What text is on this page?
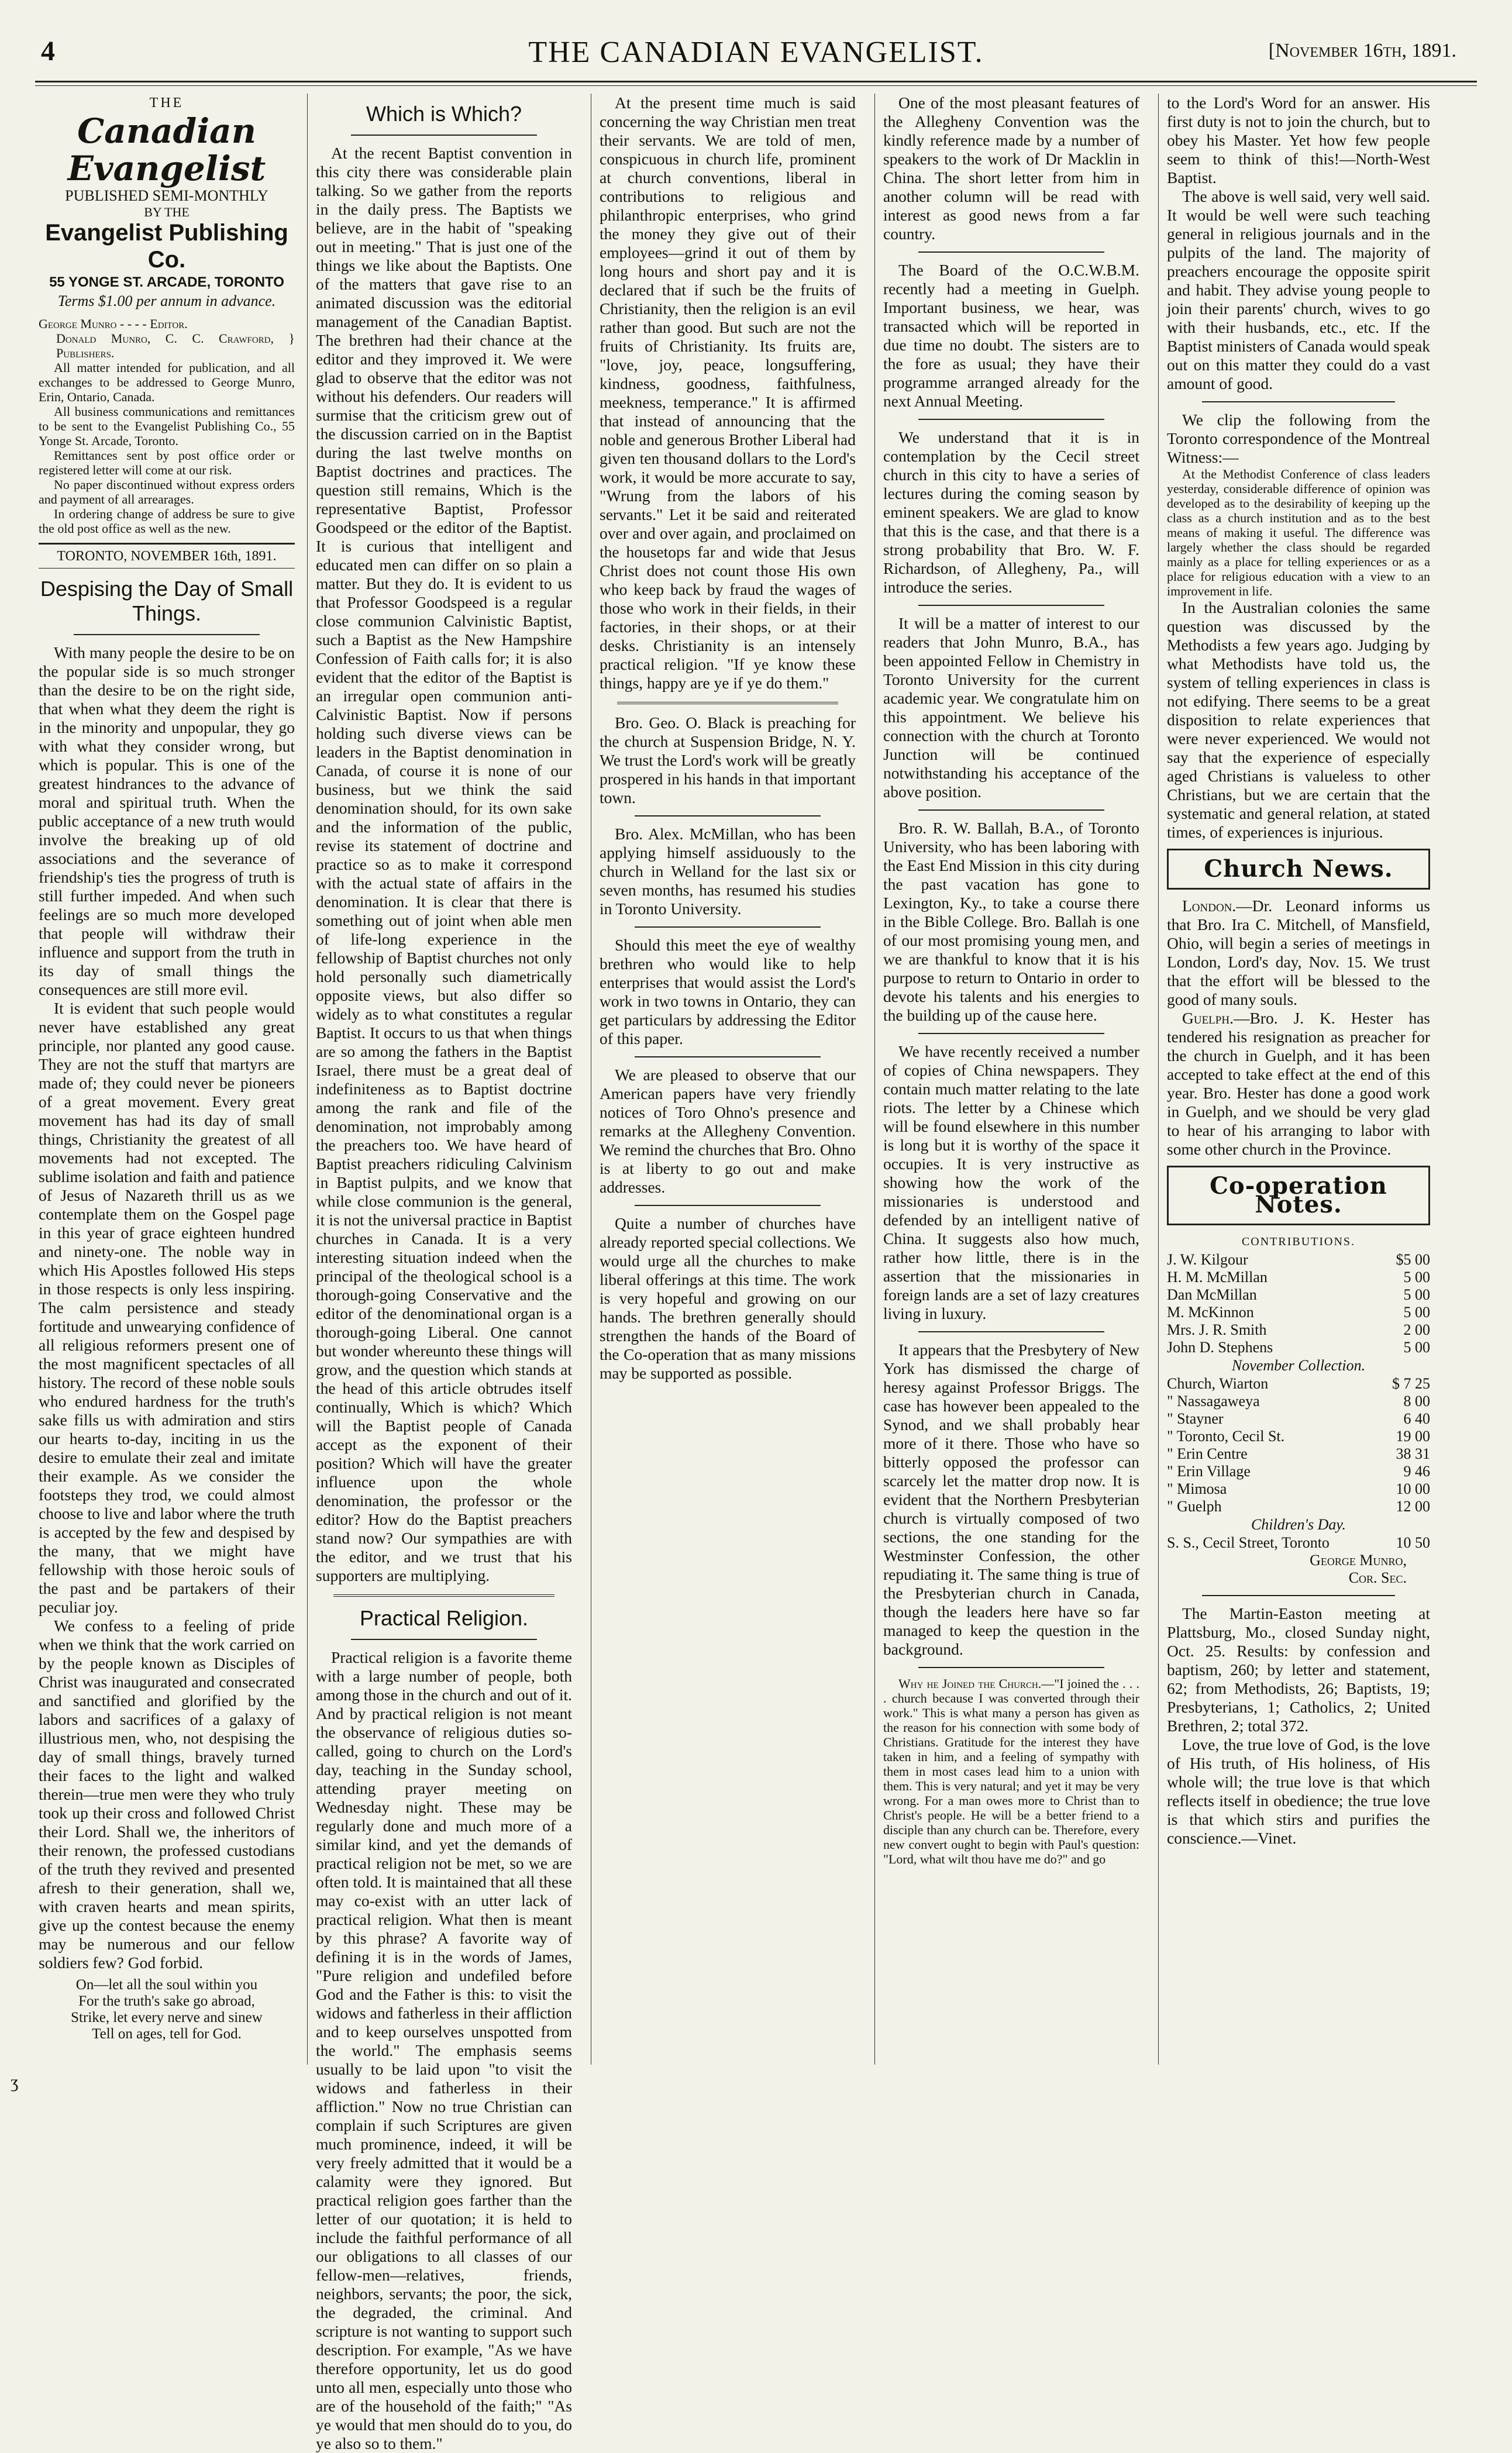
4	THE CANADIAN EVANGELIST.	[November 16th, 1891.
THE
Canadian Evangelist
PUBLISHED SEMI-MONTHLY
BY THE
Evangelist Publishing Co.
55 YONGE ST. ARCADE, TORONTO
Terms $1.00 per annum in advance.
George Munro - - - - Editor.
Donald Munro, C. C. Crawford, } Publishers.

All matter intended for publication, and all exchanges to be addressed to George Munro, Erin, Ontario, Canada.

All business communications and remittances to be sent to the Evangelist Publishing Co., 55 Yonge St. Arcade, Toronto.

Remittances sent by post office order or registered letter will come at our risk.

No paper discontinued without express orders and payment of all arrearages.

In ordering change of address be sure to give the old post office as well as the new.

TORONTO, NOVEMBER 16th, 1891.
Despising the Day of Small Things.

With many people the desire to be on the popular side is so much stronger than the desire to be on the right side, that when what they deem the right is in the minority and unpopular, they go with what they consider wrong, but which is popular. This is one of the greatest hindrances to the advance of moral and spiritual truth. When the public acceptance of a new truth would involve the breaking up of old associations and the severance of friendship's ties the progress of truth is still further impeded. And when such feelings are so much more developed that people will withdraw their influence and support from the truth in its day of small things the consequences are still more evil.

It is evident that such people would never have established any great principle, nor planted any good cause. They are not the stuff that martyrs are made of; they could never be pioneers of a great movement. Every great movement has had its day of small things, Christianity the greatest of all movements had not excepted. The sublime isolation and faith and patience of Jesus of Nazareth thrill us as we contemplate them on the Gospel page in this year of grace eighteen hundred and ninety-one. The noble way in which His Apostles followed His steps in those respects is only less inspiring. The calm persistence and steady fortitude and unwearying confidence of all religious reformers present one of the most magnificent spectacles of all history. The record of these noble souls who endured hardness for the truth's sake fills us with admiration and stirs our hearts to-day, inciting in us the desire to emulate their zeal and imitate their example. As we consider the footsteps they trod, we could almost choose to live and labor where the truth is accepted by the few and despised by the many, that we might have fellowship with those heroic souls of the past and be partakers of their peculiar joy.

We confess to a feeling of pride when we think that the work carried on by the people known as Disciples of Christ was inaugurated and consecrated and sanctified and glorified by the labors and sacrifices of a galaxy of illustrious men, who, not despising the day of small things, bravely turned their faces to the light and walked therein—true men were they who truly took up their cross and followed Christ their Lord. Shall we, the inheritors of their renown, the professed custodians of the truth they revived and presented afresh to their generation, shall we, with craven hearts and mean spirits, give up the contest because the enemy may be numerous and our fellow soldiers few? God forbid.

On—let all the soul within you
For the truth's sake go abroad,
Strike, let every nerve and sinew
Tell on ages, tell for God.
Which is Which?

At the recent Baptist convention in this city there was considerable plain talking. So we gather from the reports in the daily press. The Baptists we believe, are in the habit of "speaking out in meeting." That is just one of the things we like about the Baptists. One of the matters that gave rise to an animated discussion was the editorial management of the Canadian Baptist. The brethren had their chance at the editor and they improved it. We were glad to observe that the editor was not without his defenders. Our readers will surmise that the criticism grew out of the discussion carried on in the Baptist during the last twelve months on Baptist doctrines and practices. The question still remains, Which is the representative Baptist, Professor Goodspeed or the editor of the Baptist. It is curious that intelligent and educated men can differ on so plain a matter. But they do. It is evident to us that Professor Goodspeed is a regular close communion Calvinistic Baptist, such a Baptist as the New Hampshire Confession of Faith calls for; it is also evident that the editor of the Baptist is an irregular open communion anti-Calvinistic Baptist. Now if persons holding such diverse views can be leaders in the Baptist denomination in Canada, of course it is none of our business, but we think the said denomination should, for its own sake and the information of the public, revise its statement of doctrine and practice so as to make it correspond with the actual state of affairs in the denomination. It is clear that there is something out of joint when able men of life-long experience in the fellowship of Baptist churches not only hold personally such diametrically opposite views, but also differ so widely as to what constitutes a regular Baptist. It occurs to us that when things are so among the fathers in the Baptist Israel, there must be a great deal of indefiniteness as to Baptist doctrine among the rank and file of the denomination, not improbably among the preachers too. We have heard of Baptist preachers ridiculing Calvinism in Baptist pulpits, and we know that while close communion is the general, it is not the universal practice in Baptist churches in Canada. It is a very interesting situation indeed when the principal of the theological school is a thorough-going Conservative and the editor of the denominational organ is a thorough-going Liberal. One cannot but wonder whereunto these things will grow, and the question which stands at the head of this article obtrudes itself continually, Which is which? Which will the Baptist people of Canada accept as the exponent of their position? Which will have the greater influence upon the whole denomination, the professor or the editor? How do the Baptist preachers stand now? Our sympathies are with the editor, and we trust that his supporters are multiplying.

Practical Religion.

Practical religion is a favorite theme with a large number of people, both among those in the church and out of it. And by practical religion is not meant the observance of religious duties so-called, going to church on the Lord's day, teaching in the Sunday school, attending prayer meeting on Wednesday night. These may be regularly done and much more of a similar kind, and yet the demands of practical religion not be met, so we are often told. It is maintained that all these may co-exist with an utter lack of practical religion. What then is meant by this phrase? A favorite way of defining it is in the words of James, "Pure religion and undefiled before God and the Father is this: to visit the widows and fatherless in their affliction and to keep ourselves unspotted from the world." The emphasis seems usually to be laid upon "to visit the widows and fatherless in their affliction." Now no true Christian can complain if such Scriptures are given much prominence, indeed, it will be very freely admitted that it would be a calamity were they ignored. But practical religion goes farther than the letter of our quotation; it is held to include the faithful performance of all our obligations to all classes of our fellow-men—relatives, friends, neighbors, servants; the poor, the sick, the degraded, the criminal. And scripture is not wanting to support such description. For example, "As we have therefore opportunity, let us do good unto all men, especially unto those who are of the household of the faith;" "As ye would that men should do to you, do ye also so to them."

At the present time much is said concerning the way Christian men treat their servants. We are told of men, conspicuous in church life, prominent at church conventions, liberal in contributions to religious and philanthropic enterprises, who grind the money they give out of their employees—grind it out of them by long hours and short pay and it is declared that if such be the fruits of Christianity, then the religion is an evil rather than good. But such are not the fruits of Christianity. Its fruits are, "love, joy, peace, longsuffering, kindness, goodness, faithfulness, meekness, temperance." It is affirmed that instead of announcing that the noble and generous Brother Liberal had given ten thousand dollars to the Lord's work, it would be more accurate to say, "Wrung from the labors of his servants." Let it be said and reiterated over and over again, and proclaimed on the housetops far and wide that Jesus Christ does not count those His own who keep back by fraud the wages of those who work in their fields, in their factories, in their shops, or at their desks. Christianity is an intensely practical religion. "If ye know these things, happy are ye if ye do them."

Bro. Geo. O. Black is preaching for the church at Suspension Bridge, N. Y. We trust the Lord's work will be greatly prospered in his hands in that important town.

Bro. Alex. McMillan, who has been applying himself assiduously to the church in Welland for the last six or seven months, has resumed his studies in Toronto University.

Should this meet the eye of wealthy brethren who would like to help enterprises that would assist the Lord's work in two towns in Ontario, they can get particulars by addressing the Editor of this paper.

We are pleased to observe that our American papers have very friendly notices of Toro Ohno's presence and remarks at the Allegheny Convention. We remind the churches that Bro. Ohno is at liberty to go out and make addresses.

Quite a number of churches have already reported special collections. We would urge all the churches to make liberal offerings at this time. The work is very hopeful and growing on our hands. The brethren generally should strengthen the hands of the Board of the Co-operation that as many missions may be supported as possible.

One of the most pleasant features of the Allegheny Convention was the kindly reference made by a number of speakers to the work of Dr Macklin in China. The short letter from him in another column will be read with interest as good news from a far country.

The Board of the O.C.W.B.M. recently had a meeting in Guelph. Important business, we hear, was transacted which will be reported in due time no doubt. The sisters are to the fore as usual; they have their programme arranged already for the next Annual Meeting.

We understand that it is in contemplation by the Cecil street church in this city to have a series of lectures during the coming season by eminent speakers. We are glad to know that this is the case, and that there is a strong probability that Bro. W. F. Richardson, of Allegheny, Pa., will introduce the series.

It will be a matter of interest to our readers that John Munro, B.A., has been appointed Fellow in Chemistry in Toronto University for the current academic year. We congratulate him on this appointment. We believe his connection with the church at Toronto Junction will be continued notwithstanding his acceptance of the above position.

Bro. R. W. Ballah, B.A., of Toronto University, who has been laboring with the East End Mission in this city during the past vacation has gone to Lexington, Ky., to take a course there in the Bible College. Bro. Ballah is one of our most promising young men, and we are thankful to know that it is his purpose to return to Ontario in order to devote his talents and his energies to the building up of the cause here.

We have recently received a number of copies of China newspapers. They contain much matter relating to the late riots. The letter by a Chinese which will be found elsewhere in this number is long but it is worthy of the space it occupies. It is very instructive as showing how the work of the missionaries is understood and defended by an intelligent native of China. It suggests also how much, rather how little, there is in the assertion that the missionaries in foreign lands are a set of lazy creatures living in luxury.

It appears that the Presbytery of New York has dismissed the charge of heresy against Professor Briggs. The case has however been appealed to the Synod, and we shall probably hear more of it there. Those who have so bitterly opposed the professor can scarcely let the matter drop now. It is evident that the Northern Presbyterian church is virtually composed of two sections, the one standing for the Westminster Confession, the other repudiating it. The same thing is true of the Presbyterian church in Canada, though the leaders here have so far managed to keep the question in the background.

Why he Joined the Church.—"I joined the . . . . church because I was converted through their work." This is what many a person has given as the reason for his connection with some body of Christians. Gratitude for the interest they have taken in him, and a feeling of sympathy with them in most cases lead him to a union with them. This is very natural; and yet it may be very wrong. For a man owes more to Christ than to Christ's people. He will be a better friend to a disciple than any church can be. Therefore, every new convert ought to begin with Paul's question: "Lord, what wilt thou have me do?" and go

to the Lord's Word for an answer. His first duty is not to join the church, but to obey his Master. Yet how few people seem to think of this!—North-West Baptist.

The above is well said, very well said. It would be well were such teaching general in religious journals and in the pulpits of the land. The majority of preachers encourage the opposite spirit and habit. They advise young people to join their parents' church, wives to go with their husbands, etc., etc. If the Baptist ministers of Canada would speak out on this matter they could do a vast amount of good.

We clip the following from the Toronto correspondence of the Montreal Witness:—

At the Methodist Conference of class leaders yesterday, considerable difference of opinion was developed as to the desirability of keeping up the class as a church institution and as to the best means of making it useful. The difference was largely whether the class should be regarded mainly as a place for telling experiences or as a place for religious education with a view to an improvement in life.

In the Australian colonies the same question was discussed by the Methodists a few years ago. Judging by what Methodists have told us, the system of telling experiences in class is not edifying. There seems to be a great disposition to relate experiences that were never experienced. We would not say that the experience of especially aged Christians is valueless to other Christians, but we are certain that the systematic and general relation, at stated times, of experiences is injurious.

Church News.

London.—Dr. Leonard informs us that Bro. Ira C. Mitchell, of Mansfield, Ohio, will begin a series of meetings in London, Lord's day, Nov. 15. We trust that the effort will be blessed to the good of many souls.

Guelph.—Bro. J. K. Hester has tendered his resignation as preacher for the church in Guelph, and it has been accepted to take effect at the end of this year. Bro. Hester has done a good work in Guelph, and we should be very glad to hear of his arranging to labor with some other church in the Province.

Co-operation Notes.
CONTRIBUTIONS.
J. W. Kilgour	$5 00
H. M. McMillan	5 00
Dan McMillan	5 00
M. McKinnon	5 00
Mrs. J. R. Smith	2 00
John D. Stephens	5 00
November Collection.
Church, Wiarton	$ 7 25
" Nassagaweya	8 00
" Stayner	6 40
" Toronto, Cecil St.	19 00
" Erin Centre	38 31
" Erin Village	9 46
" Mimosa	10 00
" Guelph	12 00
Children's Day.
S. S., Cecil Street, Toronto	10 50
George Munro,
Cor. Sec.

The Martin-Easton meeting at Plattsburg, Mo., closed Sunday night, Oct. 25. Results: by confession and baptism, 260; by letter and statement, 62; from Methodists, 26; Baptists, 19; Presbyterians, 1; Catholics, 2; United Brethren, 2; total 372.

Love, the true love of God, is the love of His truth, of His holiness, of His whole will; the true love is that which reflects itself in obedience; the true love is that which stirs and purifies the conscience.—Vinet.

ʒ
